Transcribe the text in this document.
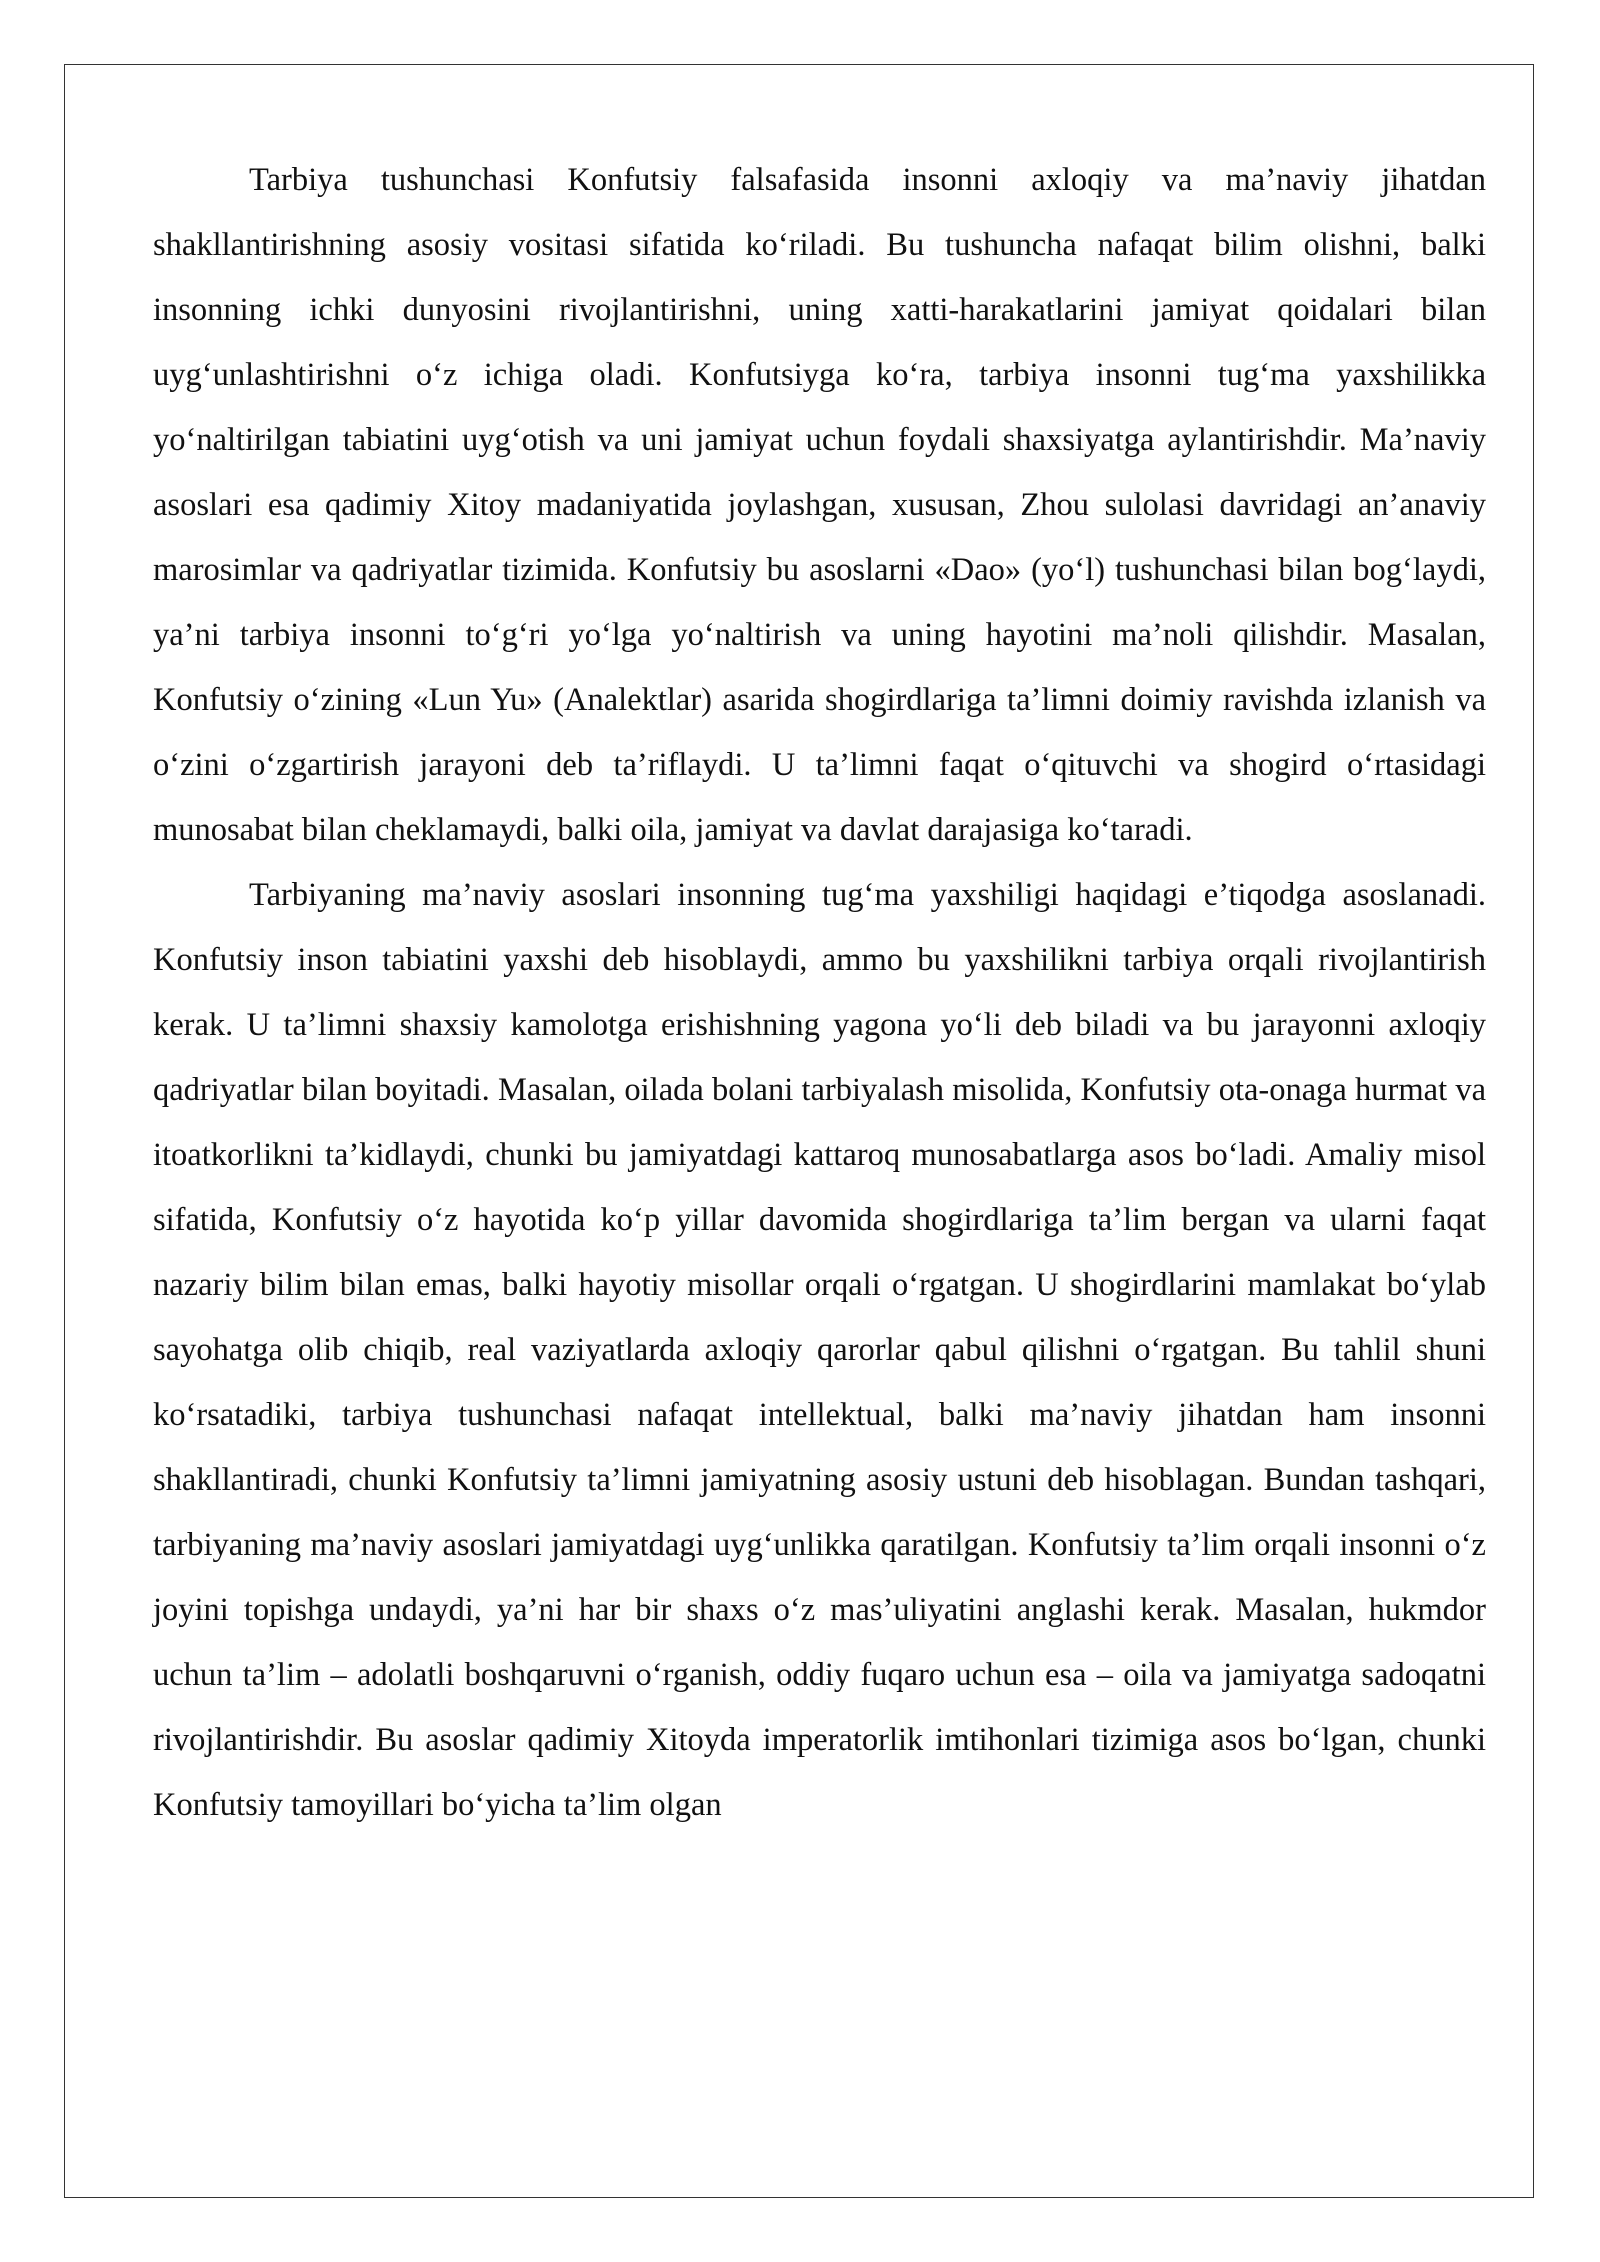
Tarbiya tushunchasi Konfutsiy falsafasida insonni axloqiy va ma’naviy jihatdan shakllantirishning asosiy vositasi sifatida ko‘riladi. Bu tushuncha nafaqat bilim olishni, balki insonning ichki dunyosini rivojlantirishni, uning xatti-harakatlarini jamiyat qoidalari bilan uyg‘unlashtirishni o‘z ichiga oladi. Konfutsiyga ko‘ra, tarbiya insonni tug‘ma yaxshilikka yo‘naltirilgan tabiatini uyg‘otish va uni jamiyat uchun foydali shaxsiyatga aylantirishdir. Ma’naviy asoslari esa qadimiy Xitoy madaniyatida joylashgan, xususan, Zhou sulolasi davridagi an’anaviy marosimlar va qadriyatlar tizimida. Konfutsiy bu asoslarni «Dao» (yo‘l) tushunchasi bilan bog‘laydi, ya’ni tarbiya insonni to‘g‘ri yo‘lga yo‘naltirish va uning hayotini ma’noli qilishdir. Masalan, Konfutsiy o‘zining «Lun Yu» (Analektlar) asarida shogirdlariga ta’limni doimiy ravishda izlanish va o‘zini o‘zgartirish jarayoni deb ta’riflaydi. U ta’limni faqat o‘qituvchi va shogird o‘rtasidagi munosabat bilan cheklamaydi, balki oila, jamiyat va davlat darajasiga ko‘taradi.

Tarbiyaning ma’naviy asoslari insonning tug‘ma yaxshiligi haqidagi e’tiqodga asoslanadi. Konfutsiy inson tabiatini yaxshi deb hisoblaydi, ammo bu yaxshilikni tarbiya orqali rivojlantirish kerak. U ta’limni shaxsiy kamolotga erishishning yagona yo‘li deb biladi va bu jarayonni axloqiy qadriyatlar bilan boyitadi. Masalan, oilada bolani tarbiyalash misolida, Konfutsiy ota-onaga hurmat va itoatkorlikni ta’kidlaydi, chunki bu jamiyatdagi kattaroq munosabatlarga asos bo‘ladi. Amaliy misol sifatida, Konfutsiy o‘z hayotida ko‘p yillar davomida shogirdlariga ta’lim bergan va ularni faqat nazariy bilim bilan emas, balki hayotiy misollar orqali o‘rgatgan. U shogirdlarini mamlakat bo‘ylab sayohatga olib chiqib, real vaziyatlarda axloqiy qarorlar qabul qilishni o‘rgatgan. Bu tahlil shuni ko‘rsatadiki, tarbiya tushunchasi nafaqat intellektual, balki ma’naviy jihatdan ham insonni shakllantiradi, chunki Konfutsiy ta’limni jamiyatning asosiy ustuni deb hisoblagan. Bundan tashqari, tarbiyaning ma’naviy asoslari jamiyatdagi uyg‘unlikka qaratilgan. Konfutsiy ta’lim orqali insonni o‘z joyini topishga undaydi, ya’ni har bir shaxs o‘z mas’uliyatini anglashi kerak. Masalan, hukmdor uchun ta’lim – adolatli boshqaruvni o‘rganish, oddiy fuqaro uchun esa – oila va jamiyatga sadoqatni rivojlantirishdir. Bu asoslar qadimiy Xitoyda imperatorlik imtihonlari tizimiga asos bo‘lgan, chunki Konfutsiy tamoyillari bo‘yicha ta’lim olgan
